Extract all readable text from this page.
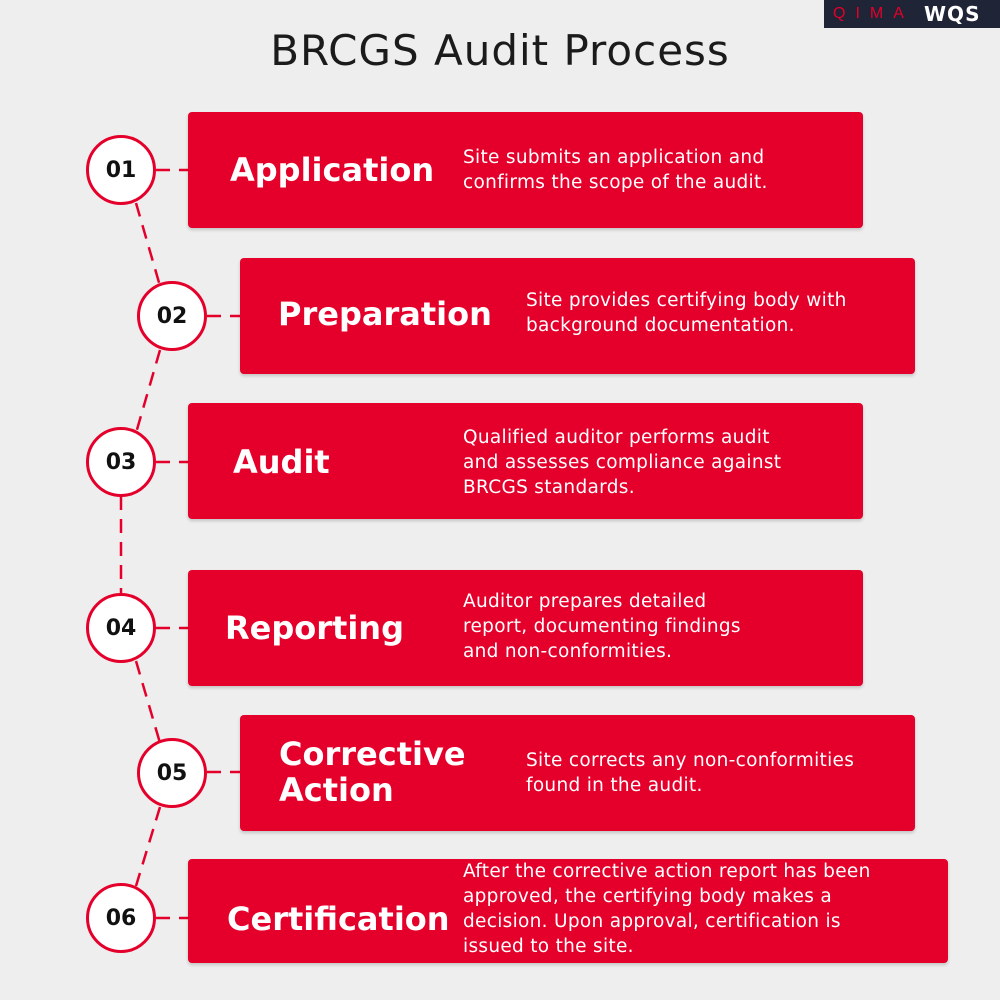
QIMA WQS
BRCGS Audit Process
Application Site submits an application and
confirms the scope of the audit.
01
Preparation Site provides certifying body with
background documentation.
02
Audit
Qualified auditor performs audit
and assesses compliance against
BRCGS standards.
03
Reporting
Auditor prepares detailed
report, documenting findings
and non-conformities.
04
Corrective
Action
Site corrects any non-conformities
found in the audit.
05
Certification
After the corrective action report has been
approved, the certifying body makes a
decision. Upon approval, certification is
issued to the site.
06
